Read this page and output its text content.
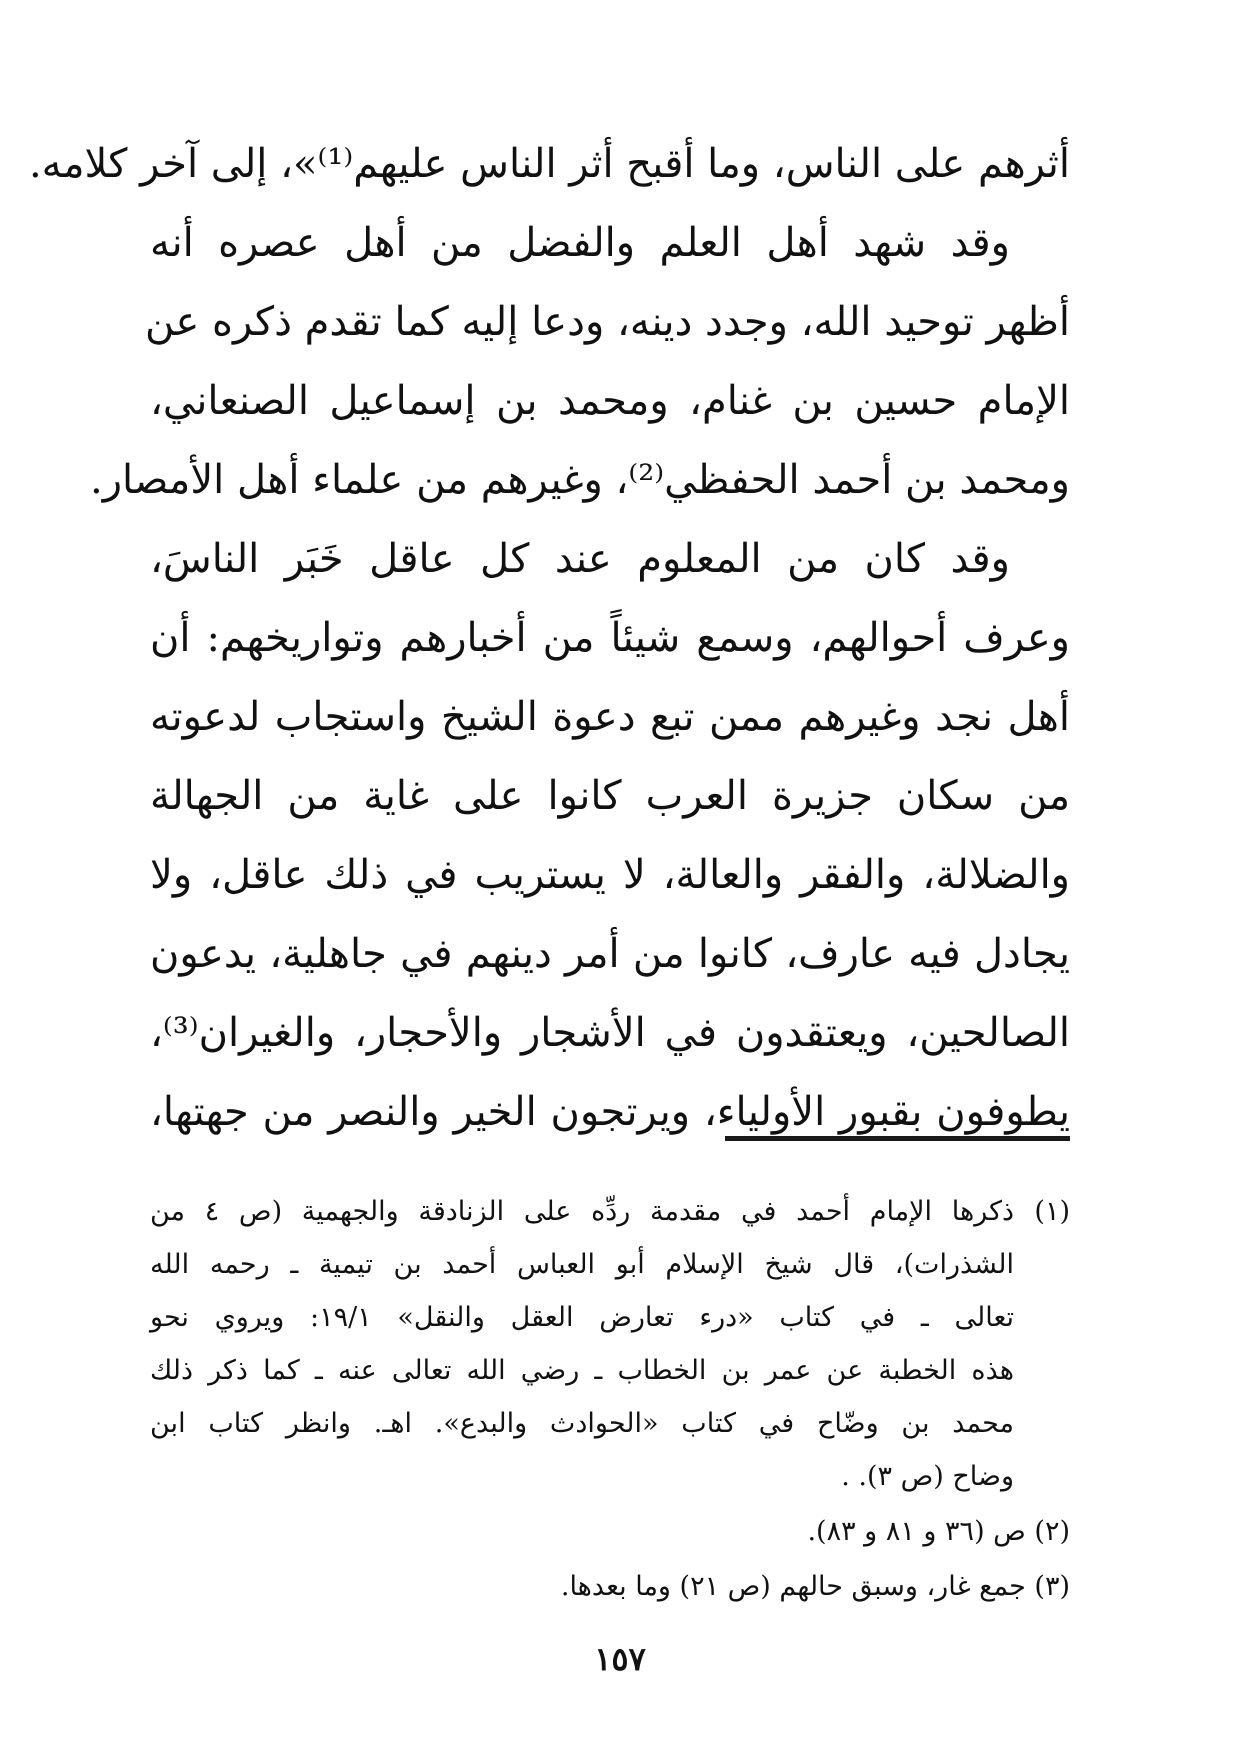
أثرهم على الناس، وما أقبح أثر الناس عليهم⁽¹⁾»، إلى آخر كلامه.
وقد شهد أهل العلم والفضل من أهل عصره أنه
أظهر توحيد الله، وجدد دينه، ودعا إليه كما تقدم ذكره عن
الإمام حسين بن غنام، ومحمد بن إسماعيل الصنعاني،
ومحمد بن أحمد الحفظي⁽²⁾، وغيرهم من علماء أهل الأمصار.
وقد كان من المعلوم عند كل عاقل خَبَر الناسَ،
وعرف أحوالهم، وسمع شيئاً من أخبارهم وتواريخهم: أن
أهل نجد وغيرهم ممن تبع دعوة الشيخ واستجاب لدعوته
من سكان جزيرة العرب كانوا على غاية من الجهالة
والضلالة، والفقر والعالة، لا يستريب في ذلك عاقل، ولا
يجادل فيه عارف، كانوا من أمر دينهم في جاهلية، يدعون
الصالحين، ويعتقدون في الأشجار والأحجار، والغيران⁽³⁾،
يطوفون بقبور الأولياء، ويرتجون الخير والنصر من جهتها،
(١)
ذكرها الإمام أحمد في مقدمة ردِّه على الزنادقة والجهمية (ص ٤ من
الشذرات)، قال شيخ الإسلام أبو العباس أحمد بن تيمية ـ رحمه الله
تعالى ـ في كتاب «درء تعارض العقل والنقل» ١٩/١: ويروي نحو
هذه الخطبة عن عمر بن الخطاب ـ رضي الله تعالى عنه ـ كما ذكر ذلك
محمد بن وضّاح في كتاب «الحوادث والبدع». اهـ. وانظر كتاب ابن
وضاح (ص ٣). .
(٢) ص (٣٦ و ٨١ و ٨٣).
(٣) جمع غار، وسبق حالهم (ص ٢١) وما بعدها.
١٥٧
